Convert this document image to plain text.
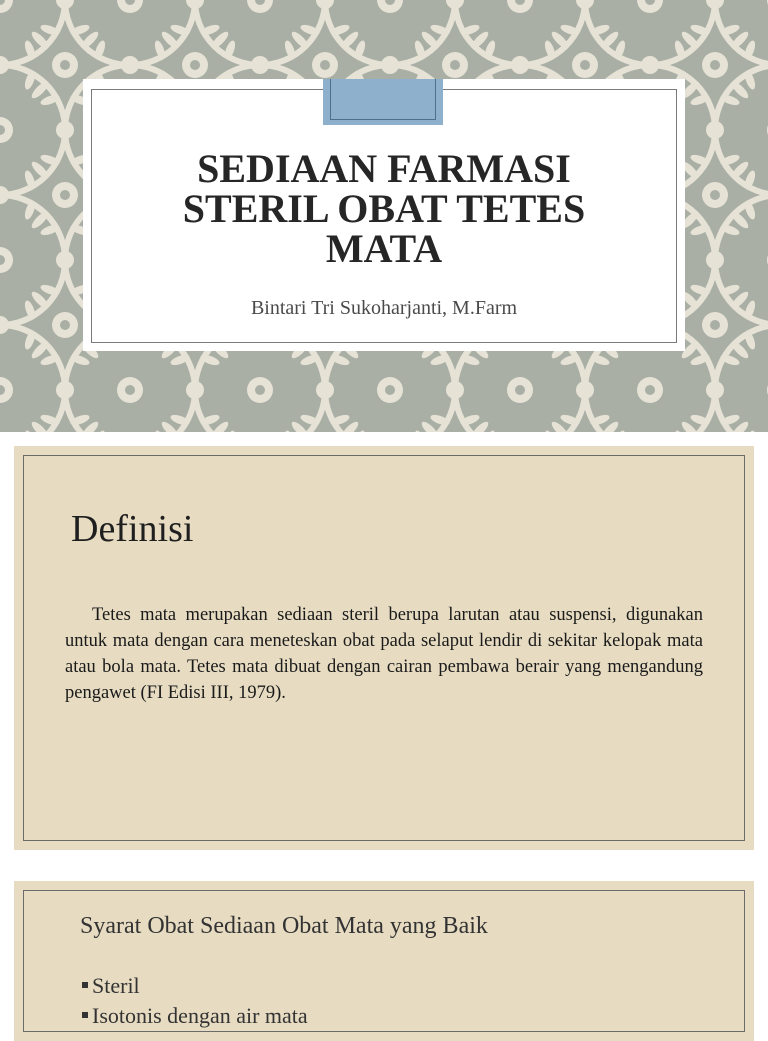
SEDIAAN FARMASI STERIL OBAT TETES MATA

Bintari Tri Sukoharjanti, M.Farm

Definisi

Tetes mata merupakan sediaan steril berupa larutan atau suspensi, digunakan untuk mata dengan cara meneteskan obat pada selaput lendir di sekitar kelopak mata atau bola mata. Tetes mata dibuat dengan cairan pembawa berair yang mengandung pengawet (FI Edisi III, 1979).

Syarat Obat Sediaan Obat Mata yang Baik
Steril
Isotonis dengan air mata
